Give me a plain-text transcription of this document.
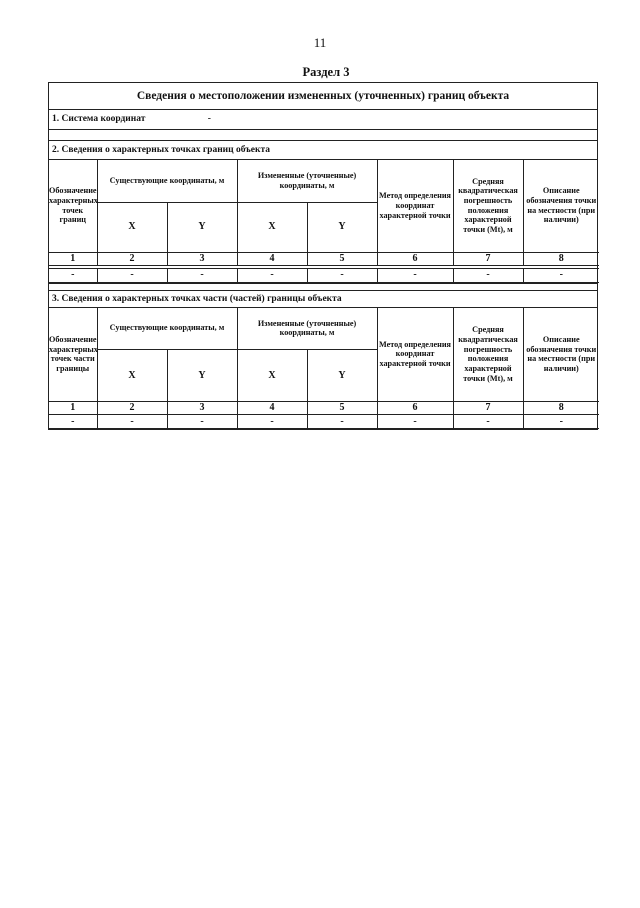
11
Раздел 3
Сведения о местоположении измененных (уточненных) границ объекта
1. Система координат	-
2. Сведения о характерных точках границ объекта
Обозначение характерных точек границ	Существующие координаты, м		Измененные (уточненные) координаты, м		Метод определения координат характерной точки	Средняя квадратическая погрешность положения характерной точки (Mt), м	Описание обозначения точки на местности (при наличии)
	X	Y	X	Y			
1	2	3	4	5	6	7	8

-	-	-	-	-	-	-	-
3. Сведения о характерных точках части (частей) границы объекта
Обозначение характерных точек части границы	Существующие координаты, м		Измененные (уточненные) координаты, м		Метод определения координат характерной точки	Средняя квадратическая погрешность положения характерной точки (Mt), м	Описание обозначения точки на местности (при наличии)
	X	Y	X	Y			
1	2	3	4	5	6	7	8
-	-	-	-	-	-	-	-
